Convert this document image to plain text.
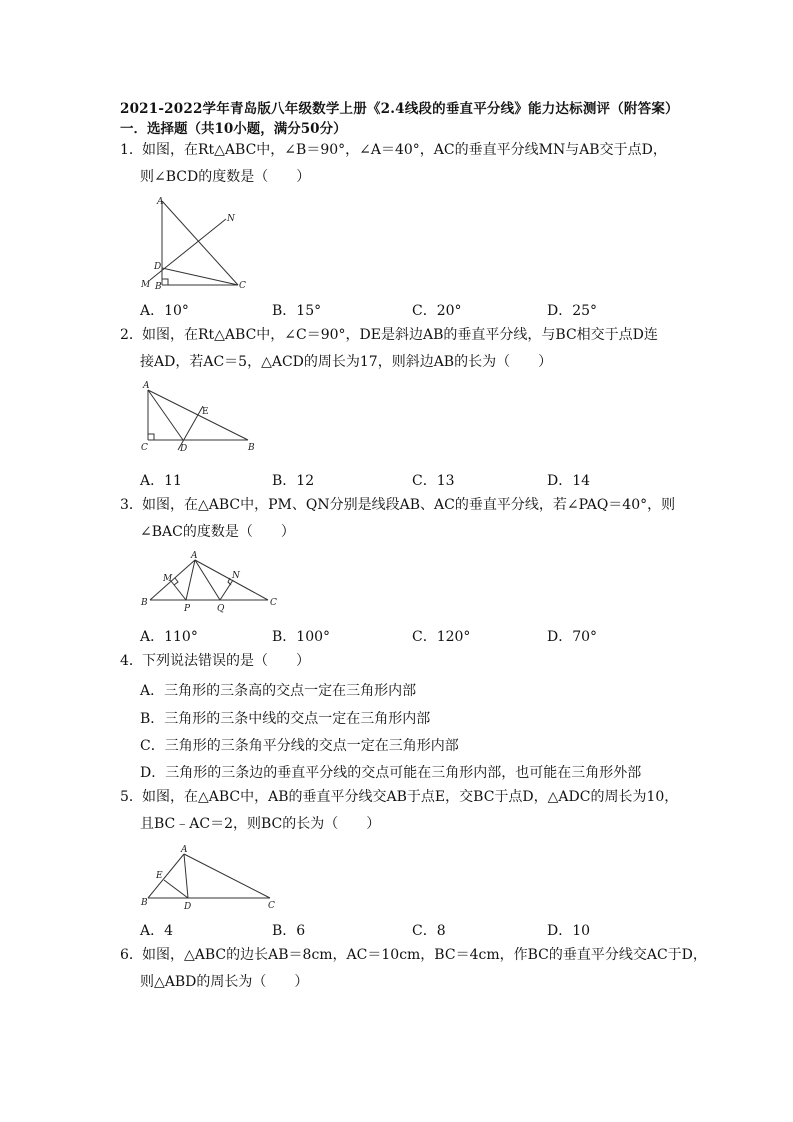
2021-2022学年青岛版八年级数学上册《2.4线段的垂直平分线》能力达标测评（附答案）
一．选择题（共10小题，满分50分）
1．如图，在Rt△ABC中，∠B＝90°，∠A＝40°，AC的垂直平分线MN与AB交于点D，
则∠BCD的度数是（　　）
A
N
D
M B	C
A．10°	B．15°	C．20°	D．25°
2．如图，在Rt△ABC中，∠C＝90°，DE是斜边AB的垂直平分线，与BC相交于点D连
接AD，若AC＝5，△ACD的周长为17，则斜边AB的长为（　　）
A
E
C	D	B
A．11	B．12	C．13	D．14
3．如图，在△ABC中，PM、QN分别是线段AB、AC的垂直平分线，若∠PAQ＝40°，则
∠BAC的度数是（　　）
A
M	N
B
P	Q
C
A．110°	B．100°	C．120°	D．70°
4．下列说法错误的是（　　）
A．三角形的三条高的交点一定在三角形内部
B．三角形的三条中线的交点一定在三角形内部
C．三角形的三条角平分线的交点一定在三角形内部
D．三角形的三条边的垂直平分线的交点可能在三角形内部，也可能在三角形外部
5．如图，在△ABC中，AB的垂直平分线交AB于点E，交BC于点D，△ADC的周长为10，
且BC﹣AC＝2，则BC的长为（　　）
A
E
B	D	C
A．4	B．6	C．8	D．10
6．如图，△ABC的边长AB＝8cm，AC＝10cm，BC＝4cm，作BC的垂直平分线交AC于D，
则△ABD的周长为（　　）
